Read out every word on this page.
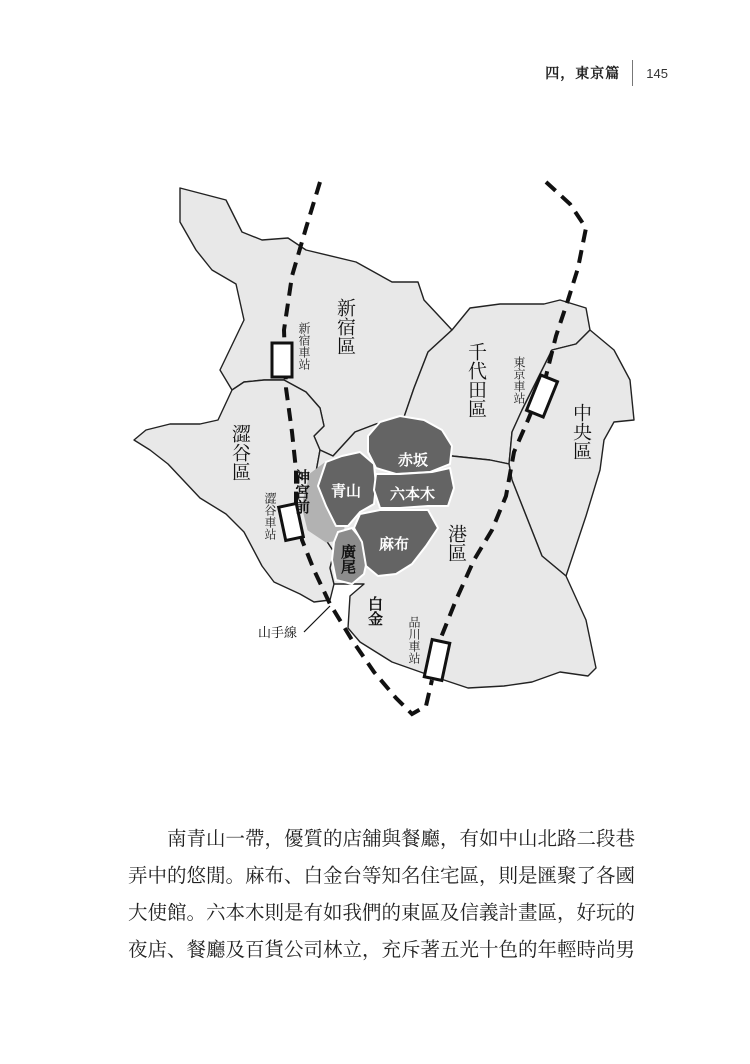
四，東京篇 145
山手線
新宿區
千代田區
中央區
澀谷區
港區
赤坂
青山 六本木
麻布
廣尾
神宮前
白金
新宿車站
東京車站
澀谷車站
品川車站

南青山一帶，優質的店舖與餐廳，有如中山北路二段巷弄中的悠閒。麻布、白金台等知名住宅區，則是匯聚了各國大使館。六本木則是有如我們的東區及信義計畫區，好玩的夜店、餐廳及百貨公司林立，充斥著五光十色的年輕時尚男
